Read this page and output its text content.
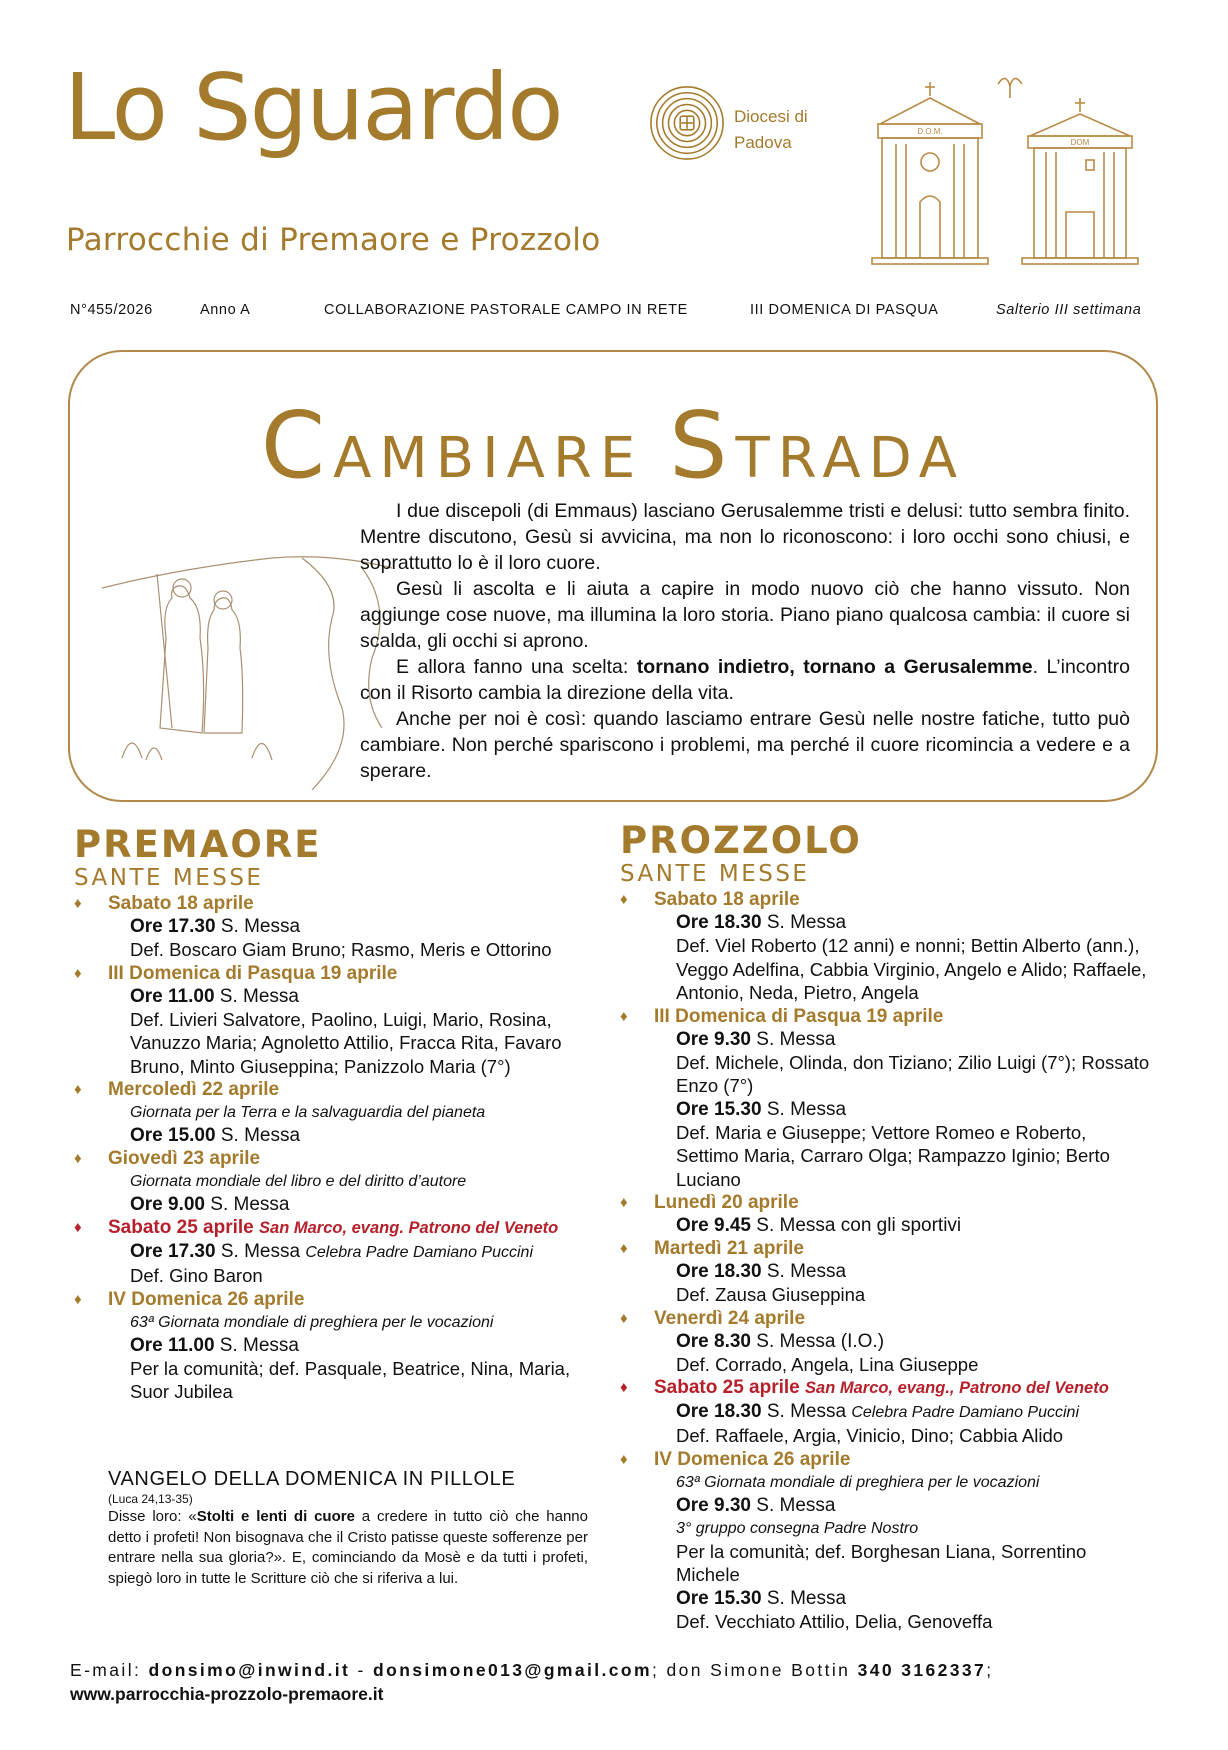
Lo Sguardo	Diocesi di
Padova
Parrocchie di Premaore e Prozzolo
D.O.M.
DOM
N°455/2026	Anno A	COLLABORAZIONE PASTORALE CAMPO IN RETE	III DOMENICA DI PASQUA	Salterio III settimana
CAMBIARE STRADA

I due discepoli (di Emmaus) lasciano Gerusalemme tristi e delusi: tutto sembra finito. Mentre discutono, Gesù si avvicina, ma non lo riconoscono: i loro occhi sono chiusi, e soprattutto lo è il loro cuore.

Gesù li ascolta e li aiuta a capire in modo nuovo ciò che hanno vissuto. Non aggiunge cose nuove, ma illumina la loro storia. Piano piano qualcosa cambia: il cuore si scalda, gli occhi si aprono.

E allora fanno una scelta: tornano indietro, tornano a Gerusalemme. L’incontro con il Risorto cambia la direzione della vita.

Anche per noi è così: quando lasciamo entrare Gesù nelle nostre fatiche, tutto può cambiare. Non perché spariscono i problemi, ma perché il cuore ricomincia a vedere e a sperare.

PREMAORE
SANTE MESSE
♦ Sabato 18 aprile
Ore 17.30 S. Messa
Def. Boscaro Giam Bruno; Rasmo, Meris e Ottorino
♦ III Domenica di Pasqua 19 aprile
Ore 11.00 S. Messa
Def. Livieri Salvatore, Paolino, Luigi, Mario, Rosina, Vanuzzo Maria; Agnoletto Attilio, Fracca Rita, Favaro Bruno, Minto Giuseppina; Panizzolo Maria (7°)
♦ Mercoledì 22 aprile
Giornata per la Terra e la salvaguardia del pianeta
Ore 15.00 S. Messa
♦ Giovedì 23 aprile
Giornata mondiale del libro e del diritto d’autore
Ore 9.00 S. Messa
♦ Sabato 25 aprile San Marco, evang. Patrono del Veneto
Ore 17.30 S. Messa Celebra Padre Damiano Puccini
Def. Gino Baron
♦ IV Domenica 26 aprile
63ª Giornata mondiale di preghiera per le vocazioni
Ore 11.00 S. Messa
Per la comunità; def. Pasquale, Beatrice, Nina, Maria, Suor Jubilea
VANGELO DELLA DOMENICA IN PILLOLE
(Luca 24,13-35)
Disse loro: «Stolti e lenti di cuore a credere in tutto ciò che hanno detto i profeti! Non bisognava che il Cristo patisse queste sofferenze per entrare nella sua gloria?». E, cominciando da Mosè e da tutti i profeti, spiegò loro in tutte le Scritture ciò che si riferiva a lui.
PROZZOLO
SANTE MESSE
♦ Sabato 18 aprile
Ore 18.30 S. Messa
Def. Viel Roberto (12 anni) e nonni; Bettin Alberto (ann.), Veggo Adelfina, Cabbia Virginio, Angelo e Alido; Raffaele, Antonio, Neda, Pietro, Angela
♦ III Domenica di Pasqua 19 aprile
Ore 9.30 S. Messa
Def. Michele, Olinda, don Tiziano; Zilio Luigi (7°); Rossato Enzo (7°)
Ore 15.30 S. Messa
Def. Maria e Giuseppe; Vettore Romeo e Roberto, Settimo Maria, Carraro Olga; Rampazzo Iginio; Berto Luciano
♦ Lunedì 20 aprile
Ore 9.45 S. Messa con gli sportivi
♦ Martedì 21 aprile
Ore 18.30 S. Messa
Def. Zausa Giuseppina
♦ Venerdì 24 aprile
Ore 8.30 S. Messa (I.O.)
Def. Corrado, Angela, Lina Giuseppe
♦ Sabato 25 aprile San Marco, evang., Patrono del Veneto
Ore 18.30 S. Messa Celebra Padre Damiano Puccini
Def. Raffaele, Argia, Vinicio, Dino; Cabbia Alido
♦ IV Domenica 26 aprile
63ª Giornata mondiale di preghiera per le vocazioni
Ore 9.30 S. Messa
3° gruppo consegna Padre Nostro
Per la comunità; def. Borghesan Liana, Sorrentino Michele
Ore 15.30 S. Messa
Def. Vecchiato Attilio, Delia, Genoveffa
E-mail: donsimo@inwind.it - donsimone013@gmail.com; don Simone Bottin 340 3162337;
www.parrocchia-prozzolo-premaore.it
